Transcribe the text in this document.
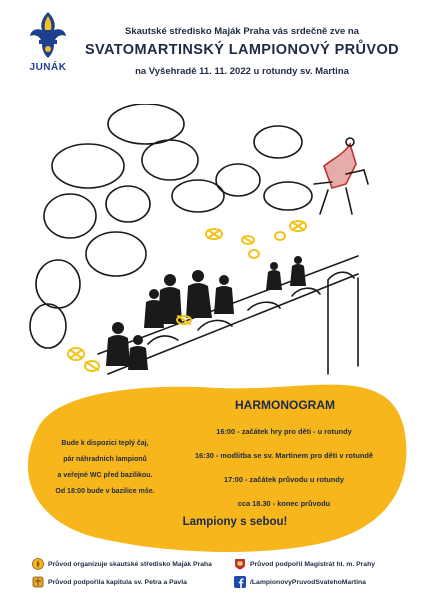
JUNÁK
Skautské středisko Maják Praha vás srdečně zve na
SVATOMARTINSKÝ LAMPIONOVÝ PRŮVOD
na Vyšehradě 11. 11. 2022 u rotundy sv. Martina
Bude k dispozici teplý čaj,
pár náhradních lampionů
a veřejné WC před bazilikou.
Od 18:00 bude v bazilice mše.
HARMONOGRAM
16:00 - začátek hry pro děti - u rotundy
16:30 - modlitba se sv. Martinem pro děti v rotundě
17:00 - začátek průvodu u rotundy
cca 18.30 - konec průvodu
Lampiony s sebou!
Průvod organizuje skautské středisko Maják Praha
Průvod podpořila kapitula sv. Petra a Pavla
Průvod podpořil Magistrát hl. m. Prahy
/LampionovyPruvodSvatehoMartina
